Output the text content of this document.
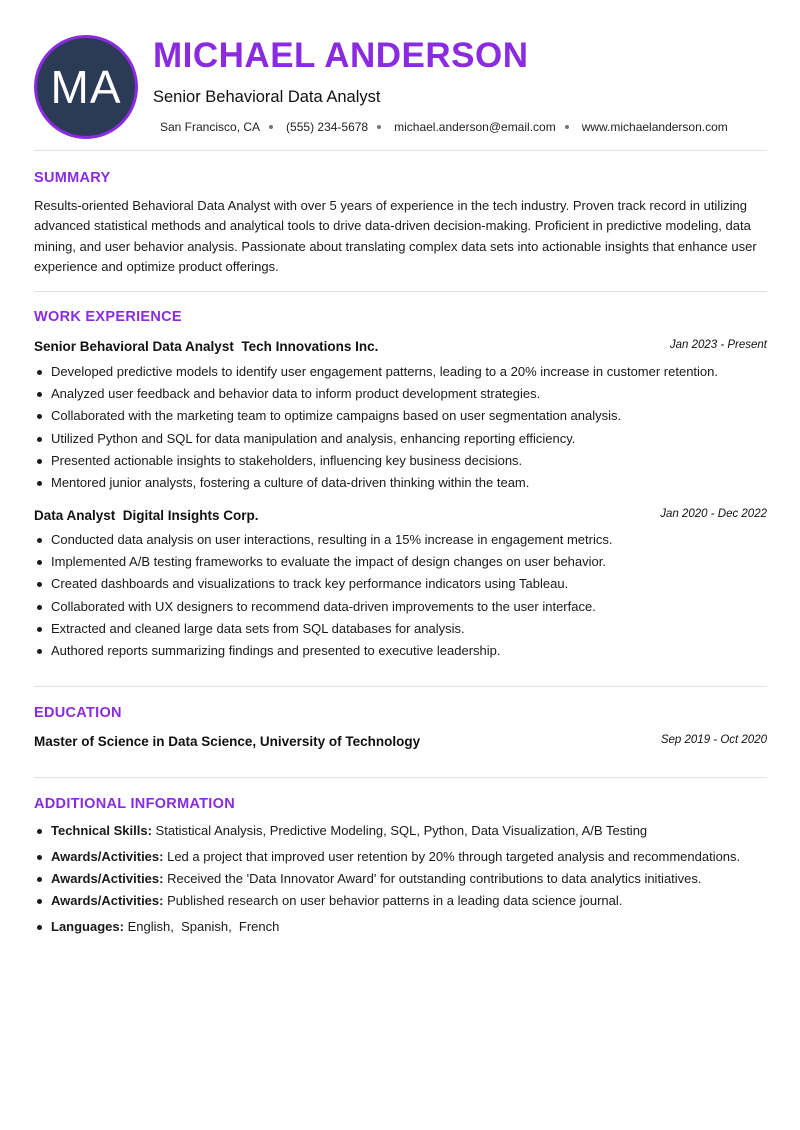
MA
MICHAEL ANDERSON
Senior Behavioral Data Analyst
San Francisco, CA (555) 234-5678 michael.anderson@email.com www.michaelanderson.com
SUMMARY
Results-oriented Behavioral Data Analyst with over 5 years of experience in the tech industry. Proven track record in utilizing advanced statistical methods and analytical tools to drive data-driven decision-making. Proficient in predictive modeling, data mining, and user behavior analysis. Passionate about translating complex data sets into actionable insights that enhance user experience and optimize product offerings.
WORK EXPERIENCE
Senior Behavioral Data Analyst Tech Innovations Inc.	Jan 2023 - Present
Developed predictive models to identify user engagement patterns, leading to a 20% increase in customer retention.
Analyzed user feedback and behavior data to inform product development strategies.
Collaborated with the marketing team to optimize campaigns based on user segmentation analysis.
Utilized Python and SQL for data manipulation and analysis, enhancing reporting efficiency.
Presented actionable insights to stakeholders, influencing key business decisions.
Mentored junior analysts, fostering a culture of data-driven thinking within the team.
Data Analyst Digital Insights Corp.	Jan 2020 - Dec 2022
Conducted data analysis on user interactions, resulting in a 15% increase in engagement metrics.
Implemented A/B testing frameworks to evaluate the impact of design changes on user behavior.
Created dashboards and visualizations to track key performance indicators using Tableau.
Collaborated with UX designers to recommend data-driven improvements to the user interface.
Extracted and cleaned large data sets from SQL databases for analysis.
Authored reports summarizing findings and presented to executive leadership.
EDUCATION
Master of Science in Data Science, University of Technology	Sep 2019 - Oct 2020
ADDITIONAL INFORMATION
Technical Skills: Statistical Analysis, Predictive Modeling, SQL, Python, Data Visualization, A/B Testing
Awards/Activities: Led a project that improved user retention by 20% through targeted analysis and recommendations.
Awards/Activities: Received the 'Data Innovator Award' for outstanding contributions to data analytics initiatives.
Awards/Activities: Published research on user behavior patterns in a leading data science journal.
Languages: English , Spanish , French
